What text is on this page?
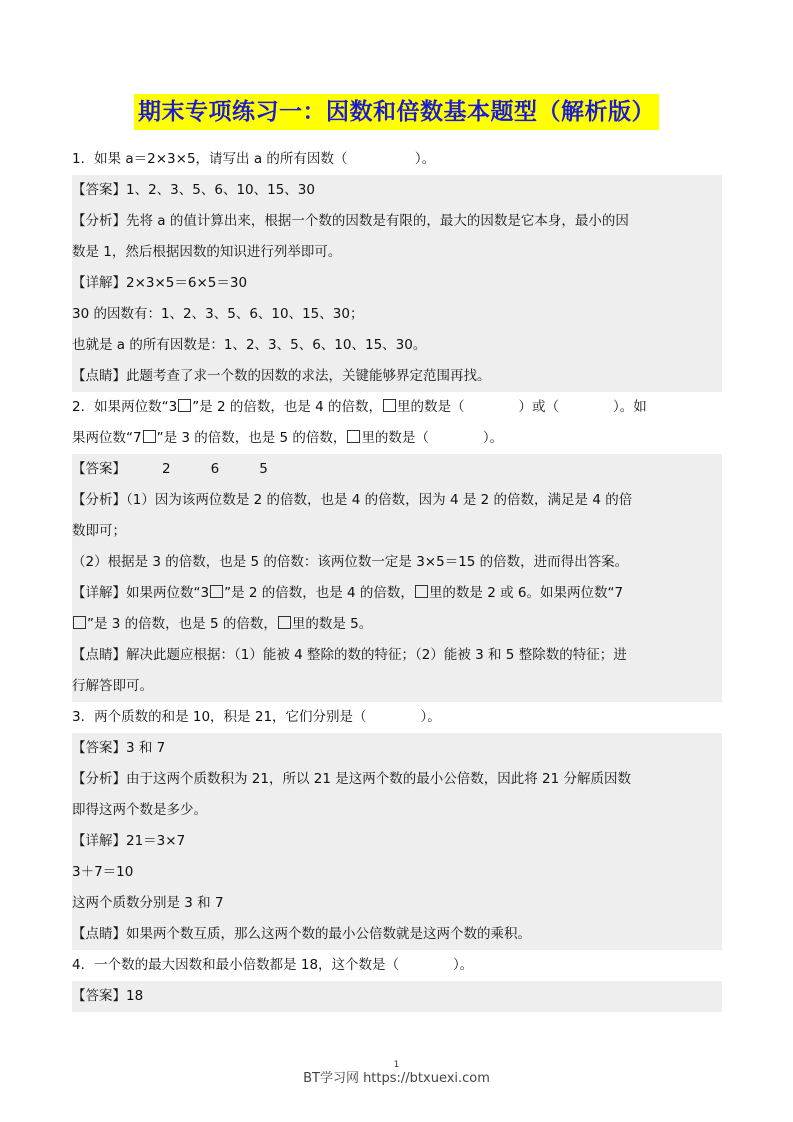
期末专项练习一：因数和倍数基本题型（解析版）
1．如果 a＝2×3×5，请写出 a 的所有因数（　　　　　）。
【答案】1、2、3、5、6、10、15、30
【分析】先将 a 的值计算出来，根据一个数的因数是有限的，最大的因数是它本身，最小的因
数是 1，然后根据因数的知识进行列举即可。
【详解】2×3×5＝6×5＝30
30 的因数有：1、2、3、5、6、10、15、30；
也就是 a 的所有因数是：1、2、3、5、6、10、15、30。
【点睛】此题考查了求一个数的因数的求法，关键能够界定范围再找。
2．如果两位数“3 ”是 2 的倍数，也是 4 的倍数， 里的数是（　　　　）或（　　　　）。如
果两位数“7 ”是 3 的倍数，也是 5 的倍数， 里的数是（　　　　）。
【答案】	2	6	5
【分析】（1）因为该两位数是 2 的倍数，也是 4 的倍数，因为 4 是 2 的倍数，满足是 4 的倍
数即可；
（2）根据是 3 的倍数，也是 5 的倍数：该两位数一定是 3×5＝15 的倍数，进而得出答案。
【详解】如果两位数“3 ”是 2 的倍数，也是 4 的倍数， 里的数是 2 或 6。如果两位数“7
”是 3 的倍数，也是 5 的倍数， 里的数是 5。
【点睛】解决此题应根据：（1）能被 4 整除的数的特征；（2）能被 3 和 5 整除数的特征；进
行解答即可。
3．两个质数的和是 10，积是 21，它们分别是（　　　　）。
【答案】3 和 7
【分析】由于这两个质数积为 21，所以 21 是这两个数的最小公倍数，因此将 21 分解质因数
即得这两个数是多少。
【详解】21＝3×7
3＋7＝10
这两个质数分别是 3 和 7
【点睛】如果两个数互质，那么这两个数的最小公倍数就是这两个数的乘积。
4．一个数的最大因数和最小倍数都是 18，这个数是（　　　　）。
【答案】18
1
BT学习网 https://btxuexi.com
